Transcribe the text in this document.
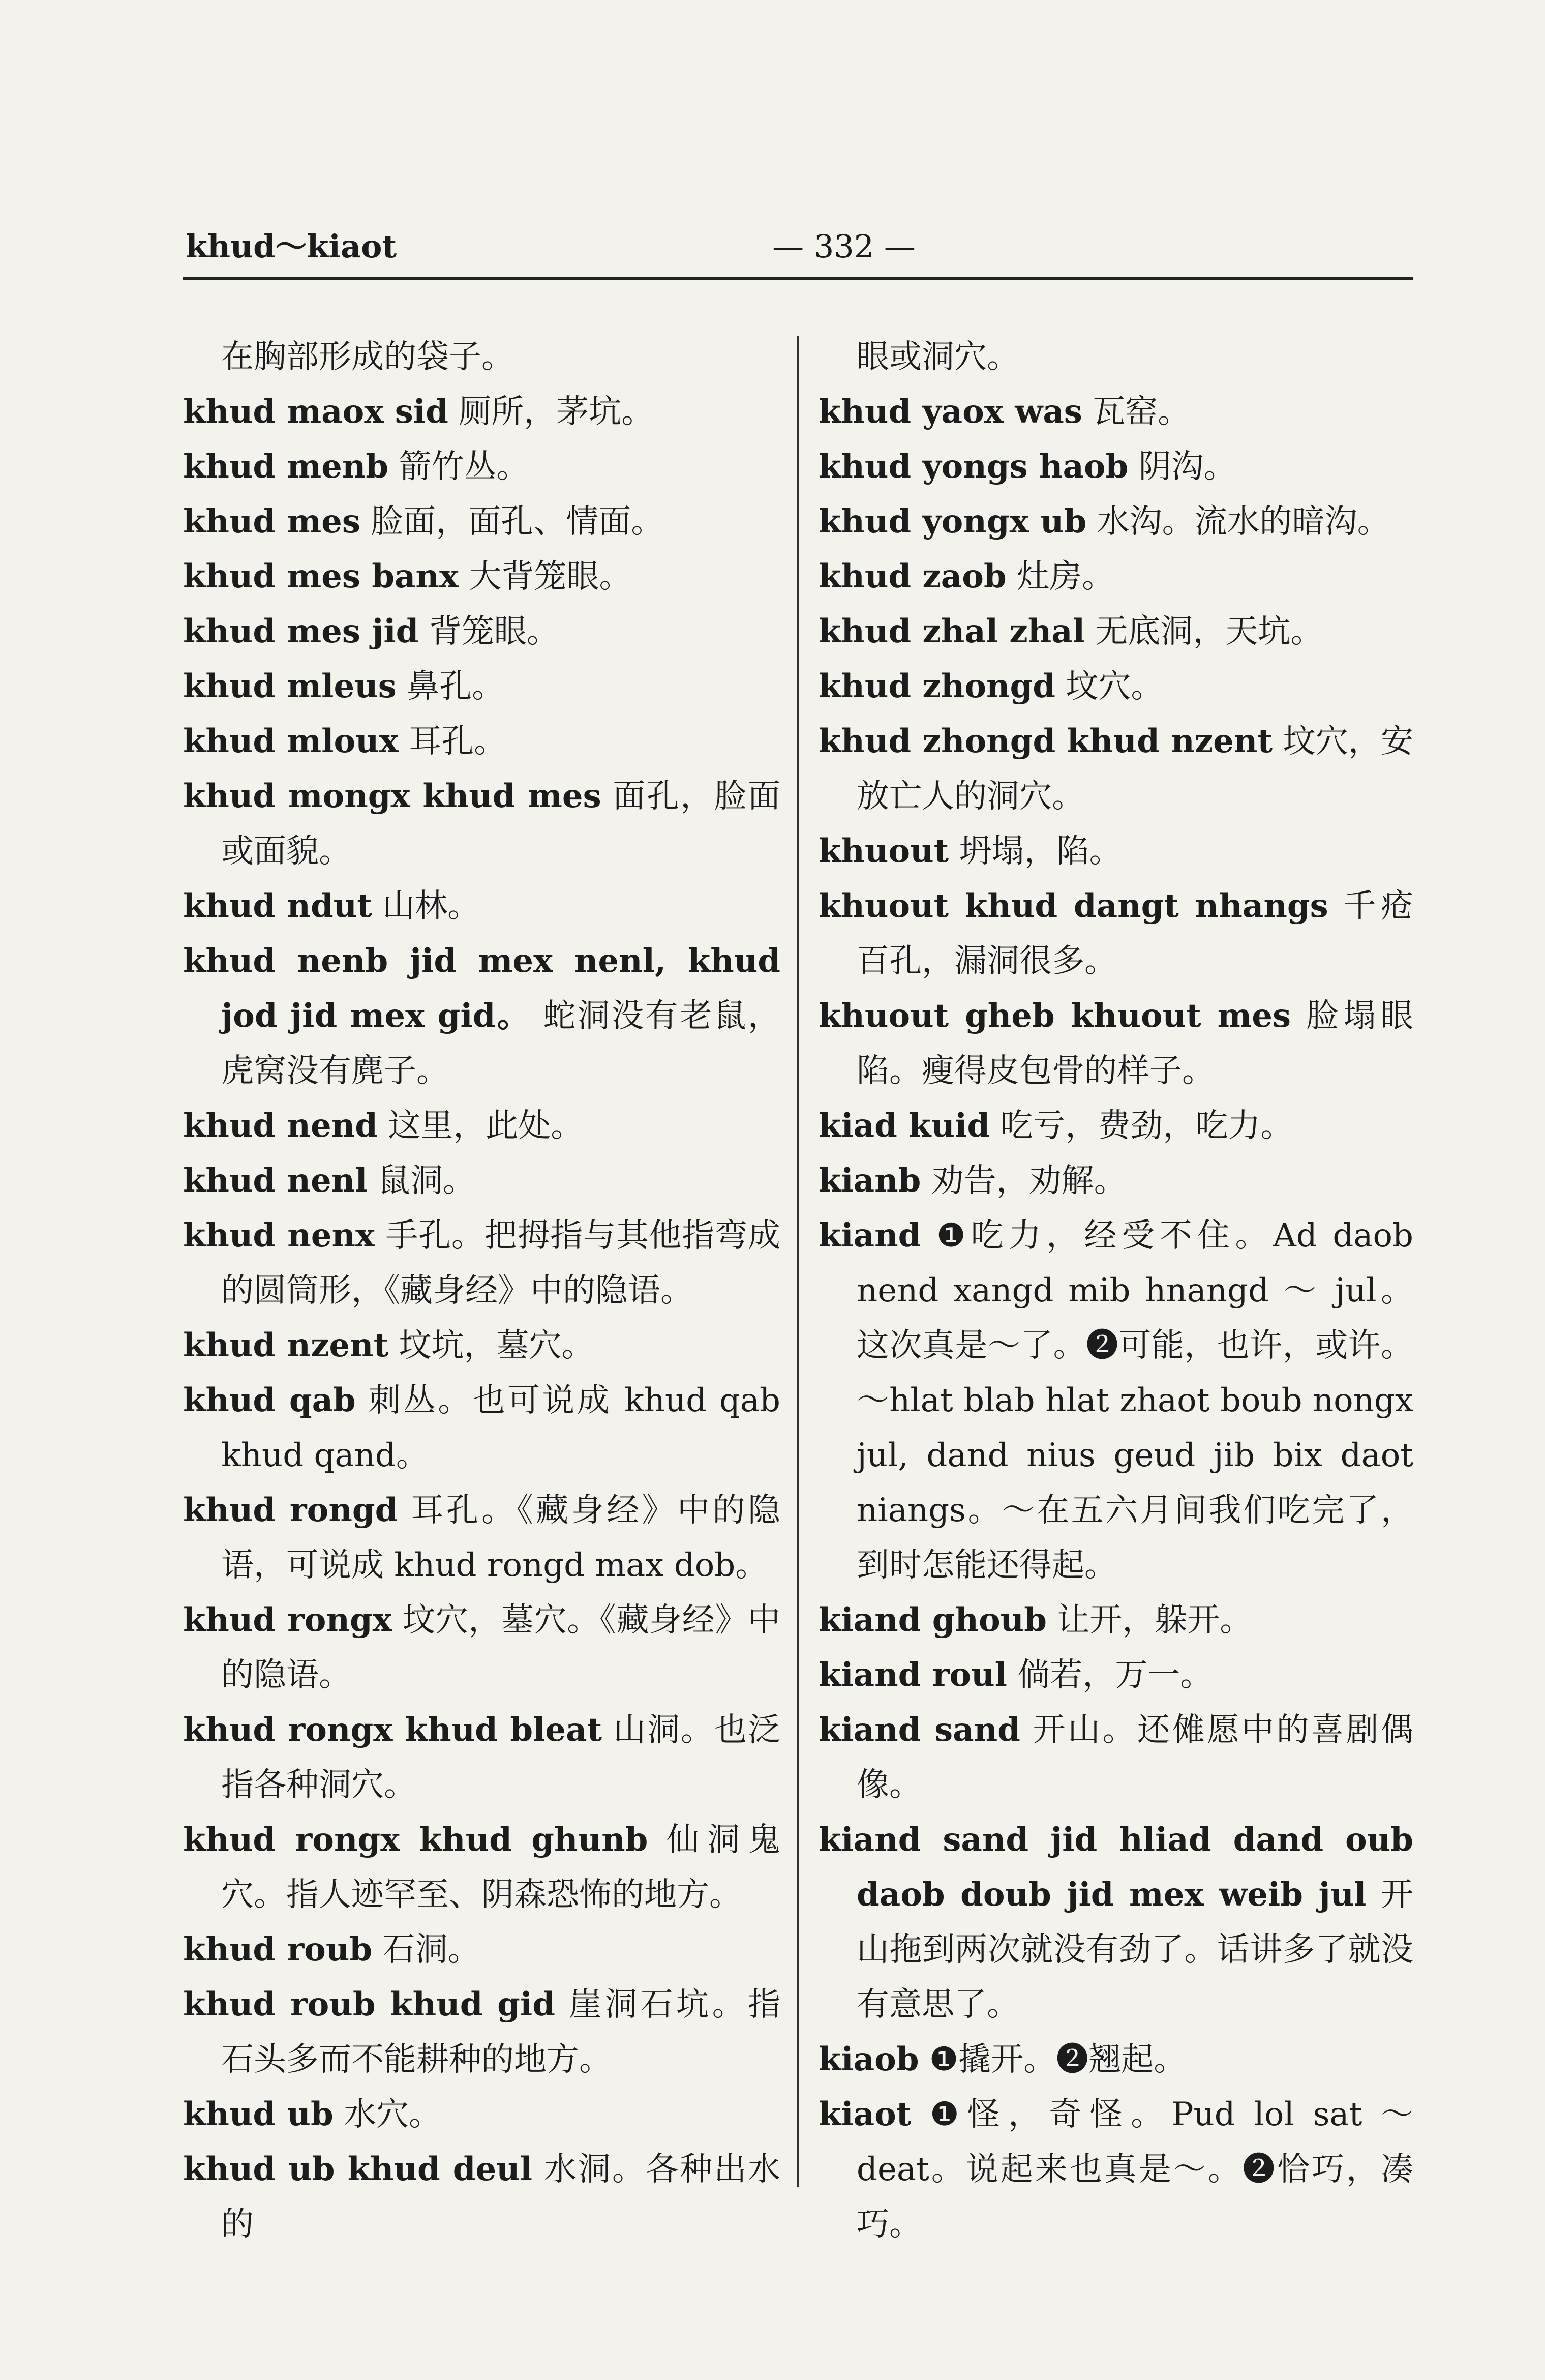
khud～kiaot	— 332 —

在胸部形成的袋子。

khud maox sid 厕所，茅坑。

khud menb 箭竹丛。

khud mes 脸面，面孔、情面。

khud mes banx 大背笼眼。

khud mes jid 背笼眼。

khud mleus 鼻孔。

khud mloux 耳孔。

khud mongx khud mes 面孔，脸面或面貌。

khud ndut 山林。

khud nenb jid mex nenl, khud jod jid mex gid。 蛇洞没有老鼠，虎窝没有麂子。

khud nend 这里，此处。

khud nenl 鼠洞。

khud nenx 手孔。把拇指与其他指弯成的圆筒形，《藏身经》中的隐语。

khud nzent 坟坑，墓穴。

khud qab 刺丛。也可说成 khud qab khud qand。

khud rongd 耳孔。《藏身经》中的隐语，可说成 khud rongd max dob。

khud rongx 坟穴，墓穴。《藏身经》中的隐语。

khud rongx khud bleat 山洞。也泛指各种洞穴。

khud rongx khud ghunb 仙洞鬼穴。指人迹罕至、阴森恐怖的地方。

khud roub 石洞。

khud roub khud gid 崖洞石坑。指石头多而不能耕种的地方。

khud ub 水穴。

khud ub khud deul 水洞。各种出水的

眼或洞穴。

khud yaox was 瓦窑。

khud yongs haob 阴沟。

khud yongx ub 水沟。流水的暗沟。

khud zaob 灶房。

khud zhal zhal 无底洞，天坑。

khud zhongd 坟穴。

khud zhongd khud nzent 坟穴，安放亡人的洞穴。

khuout 坍塌，陷。

khuout khud dangt nhangs 千疮百孔，漏洞很多。

khuout gheb khuout mes 脸塌眼陷。瘦得皮包骨的样子。

kiad kuid 吃亏，费劲，吃力。

kianb 劝告，劝解。

kiand ❶吃力，经受不住。Ad daob nend xangd mib hnangd ～ jul。这次真是～了。❷可能，也许，或许。～hlat blab hlat zhaot boub nongx jul, dand nius geud jib bix daot niangs。～在五六月间我们吃完了，到时怎能还得起。

kiand ghoub 让开，躲开。

kiand roul 倘若，万一。

kiand sand 开山。还傩愿中的喜剧偶像。

kiand sand jid hliad dand oub daob doub jid mex weib jul 开山拖到两次就没有劲了。话讲多了就没有意思了。

kiaob ❶撬开。❷翘起。

kiaot ❶怪，奇怪。Pud lol sat ～ deat。说起来也真是～。❷恰巧，凑巧。
